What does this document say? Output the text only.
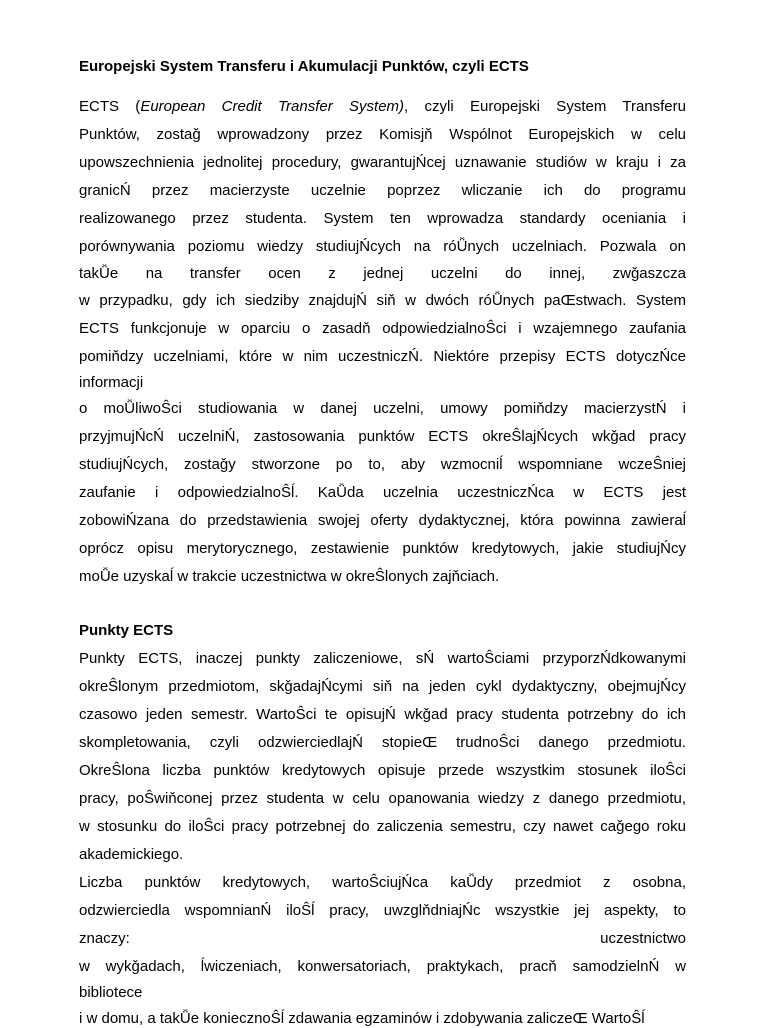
Europejski System Transferu i Akumulacji Punktów, czyli ECTS
ECTS (European Credit Transfer System), czyli Europejski System Transferu
Punktów, zostaǧ wprowadzony przez Komisjň Wspólnot Europejskich w celu
upowszechnienia jednolitej procedury, gwarantujŃcej uznawanie studiów w kraju i za
granicŃ przez macierzyste uczelnie poprzez wliczanie ich do programu
realizowanego przez studenta. System ten wprowadza standardy oceniania i
porównywania poziomu wiedzy studiujŃcych na róǙnych uczelniach. Pozwala on
takǙe na transfer ocen z jednej uczelni do innej, zwǧaszcza
w przypadku, gdy ich siedziby znajdujŃ siň w dwóch róǙnych paŒstwach. System
ECTS funkcjonuje w oparciu o zasadň odpowiedzialnoŜci i wzajemnego zaufania
pomiňdzy uczelniami, które w nim uczestniczŃ. Niektóre przepisy ECTS dotyczŃce
informacji
o moǙliwoŜci studiowania w danej uczelni, umowy pomiňdzy macierzystŃ i
przyjmujŃcŃ uczelniŃ, zastosowania punktów ECTS okreŜlajŃcych wkǧad pracy
studiujŃcych, zostaǧy stworzone po to, aby wzmocniĺ wspomniane wczeŜniej
zaufanie i odpowiedzialnoŜĺ. KaǙda uczelnia uczestniczŃca w ECTS jest
zobowiŃzana do przedstawienia swojej oferty dydaktycznej, która powinna zawieraĺ
oprócz opisu merytorycznego, zestawienie punktów kredytowych, jakie studiujŃcy
moǙe uzyskaĺ w trakcie uczestnictwa w okreŜlonych zajňciach.
Punkty ECTS
Punkty ECTS, inaczej punkty zaliczeniowe, sŃ wartoŜciami przyporzŃdkowanymi
okreŜlonym przedmiotom, skǧadajŃcymi siň na jeden cykl dydaktyczny, obejmujŃcy
czasowo jeden semestr. WartoŜci te opisujŃ wkǧad pracy studenta potrzebny do ich
skompletowania, czyli odzwierciedlajŃ stopieŒ trudnoŜci danego przedmiotu.
OkreŜlona liczba punktów kredytowych opisuje przede wszystkim stosunek iloŜci
pracy, poŜwiňconej przez studenta w celu opanowania wiedzy z danego przedmiotu,
w stosunku do iloŜci pracy potrzebnej do zaliczenia semestru, czy nawet caǧego roku
akademickiego.
Liczba punktów kredytowych, wartoŜciujŃca kaǙdy przedmiot z osobna,
odzwierciedla wspomnianŃ iloŜĺ pracy, uwzglňdniajŃc wszystkie jej aspekty, to
znaczy:	uczestnictwo
w wykǧadach, ĺwiczeniach, konwersatoriach, praktykach, pracň samodzielnŃ w
bibliotece
i w domu, a takǙe koniecznoŜĺ zdawania egzaminów i zdobywania zaliczeŒ WartoŜĺ
